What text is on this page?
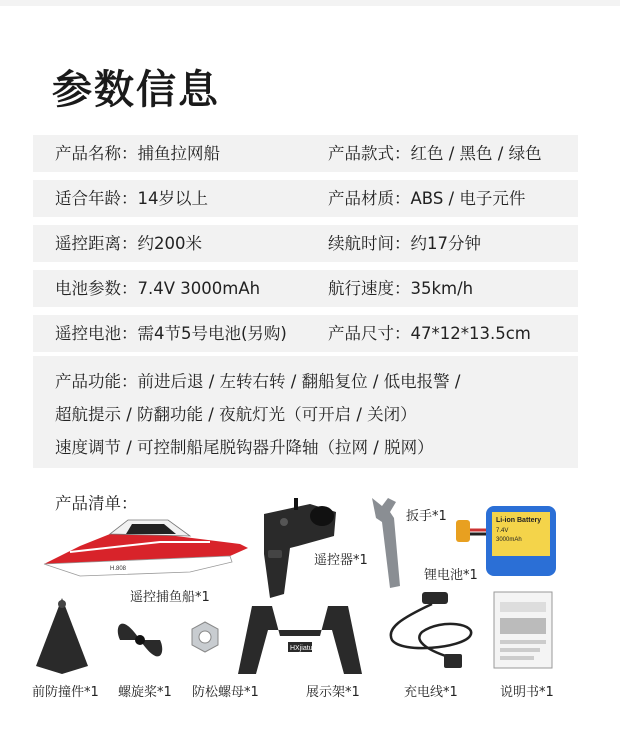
参数信息
产品名称：捕鱼拉网船	产品款式：红色 / 黑色 / 绿色
适合年龄：14岁以上	产品材质：ABS / 电子元件
遥控距离：约200米	续航时间：约17分钟
电池参数：7.4V 3000mAh	航行速度：35km/h
遥控电池：需4节5号电池(另购) 产品尺寸：47*12*13.5cm
产品功能：前进后退 / 左转右转 / 翻船复位 / 低电报警 /
超航提示 / 防翻功能 / 夜航灯光（可开启 / 关闭）
速度调节 / 可控制船尾脱钩器升降轴（拉网 / 脱网）
产品清单：
H.808
遥控捕鱼船*1
遥控器*1
扳手*1	Li-ion Battery
7.4V
3000mAh
锂电池*1
前防撞件*1 螺旋桨*1 防松螺母*1
HXjiatu
展示架*1	充电线*1	说明书*1
